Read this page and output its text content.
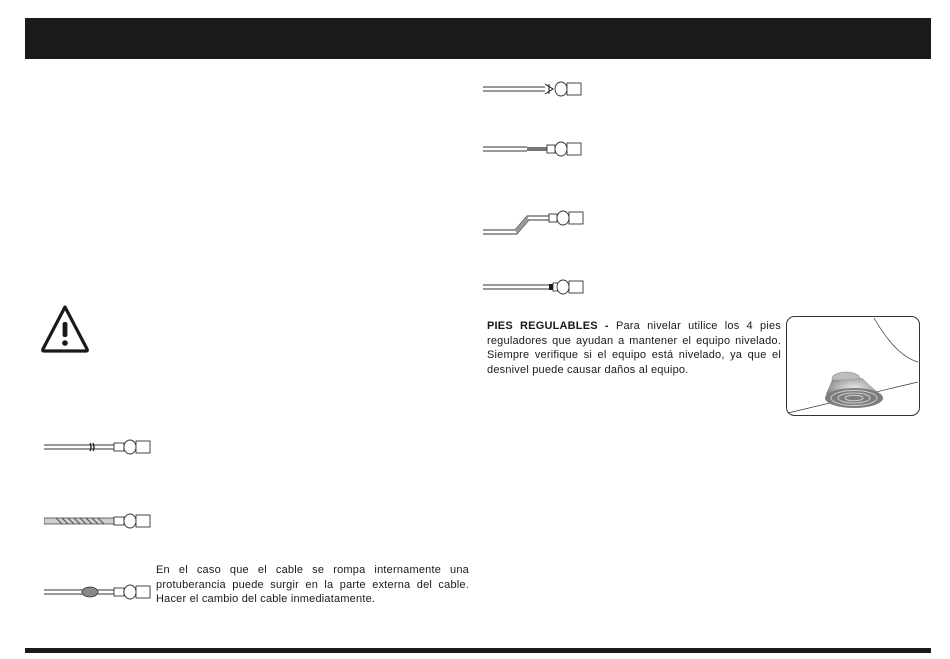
En el caso que el cable se rompa internamente una protuberancia puede surgir en la parte externa del cable. Hacer el cambio del cable inmediatamente.

PIES REGULABLES - Para nivelar utilice los 4 pies reguladores que ayudan a mantener el equipo nivelado. Siempre verifique si el equipo está nivelado, ya que el desnivel puede causar daños al equipo.
